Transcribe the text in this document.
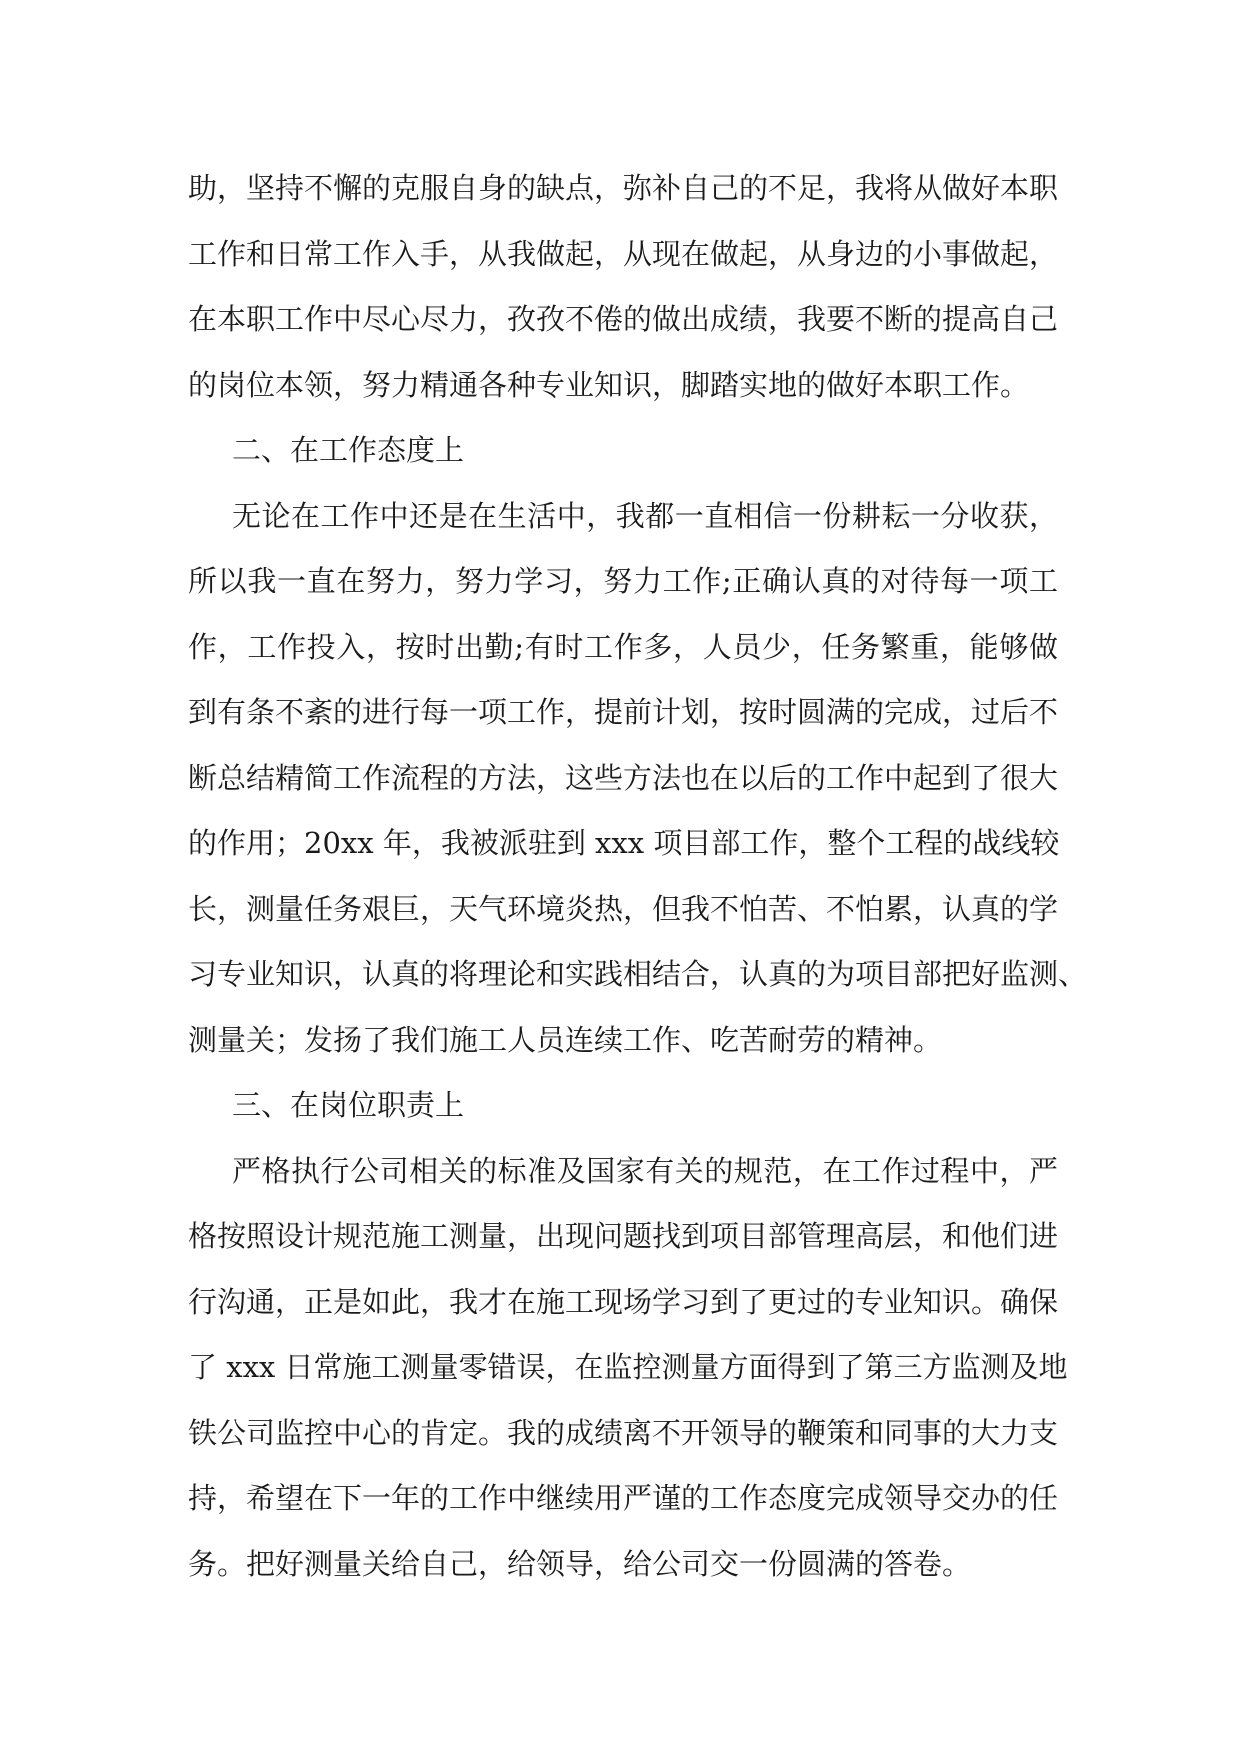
助，坚持不懈的克服自身的缺点，弥补自己的不足，我将从做好本职
工作和日常工作入手，从我做起，从现在做起，从身边的小事做起，
在本职工作中尽心尽力，孜孜不倦的做出成绩，我要不断的提高自己
的岗位本领，努力精通各种专业知识，脚踏实地的做好本职工作。
二、在工作态度上
无论在工作中还是在生活中，我都一直相信一份耕耘一分收获，
所以我一直在努力，努力学习，努力工作;正确认真的对待每一项工
作，工作投入，按时出勤;有时工作多，人员少，任务繁重，能够做
到有条不紊的进行每一项工作，提前计划，按时圆满的完成，过后不
断总结精简工作流程的方法，这些方法也在以后的工作中起到了很大
的作用；20xx 年，我被派驻到 xxx 项目部工作，整个工程的战线较
长，测量任务艰巨，天气环境炎热，但我不怕苦、不怕累，认真的学
习专业知识，认真的将理论和实践相结合，认真的为项目部把好监测、
测量关；发扬了我们施工人员连续工作、吃苦耐劳的精神。
三、在岗位职责上
严格执行公司相关的标准及国家有关的规范，在工作过程中，严
格按照设计规范施工测量，出现问题找到项目部管理高层，和他们进
行沟通，正是如此，我才在施工现场学习到了更过的专业知识。确保
了 xxx 日常施工测量零错误，在监控测量方面得到了第三方监测及地
铁公司监控中心的肯定。我的成绩离不开领导的鞭策和同事的大力支
持，希望在下一年的工作中继续用严谨的工作态度完成领导交办的任
务。把好测量关给自己，给领导，给公司交一份圆满的答卷。
